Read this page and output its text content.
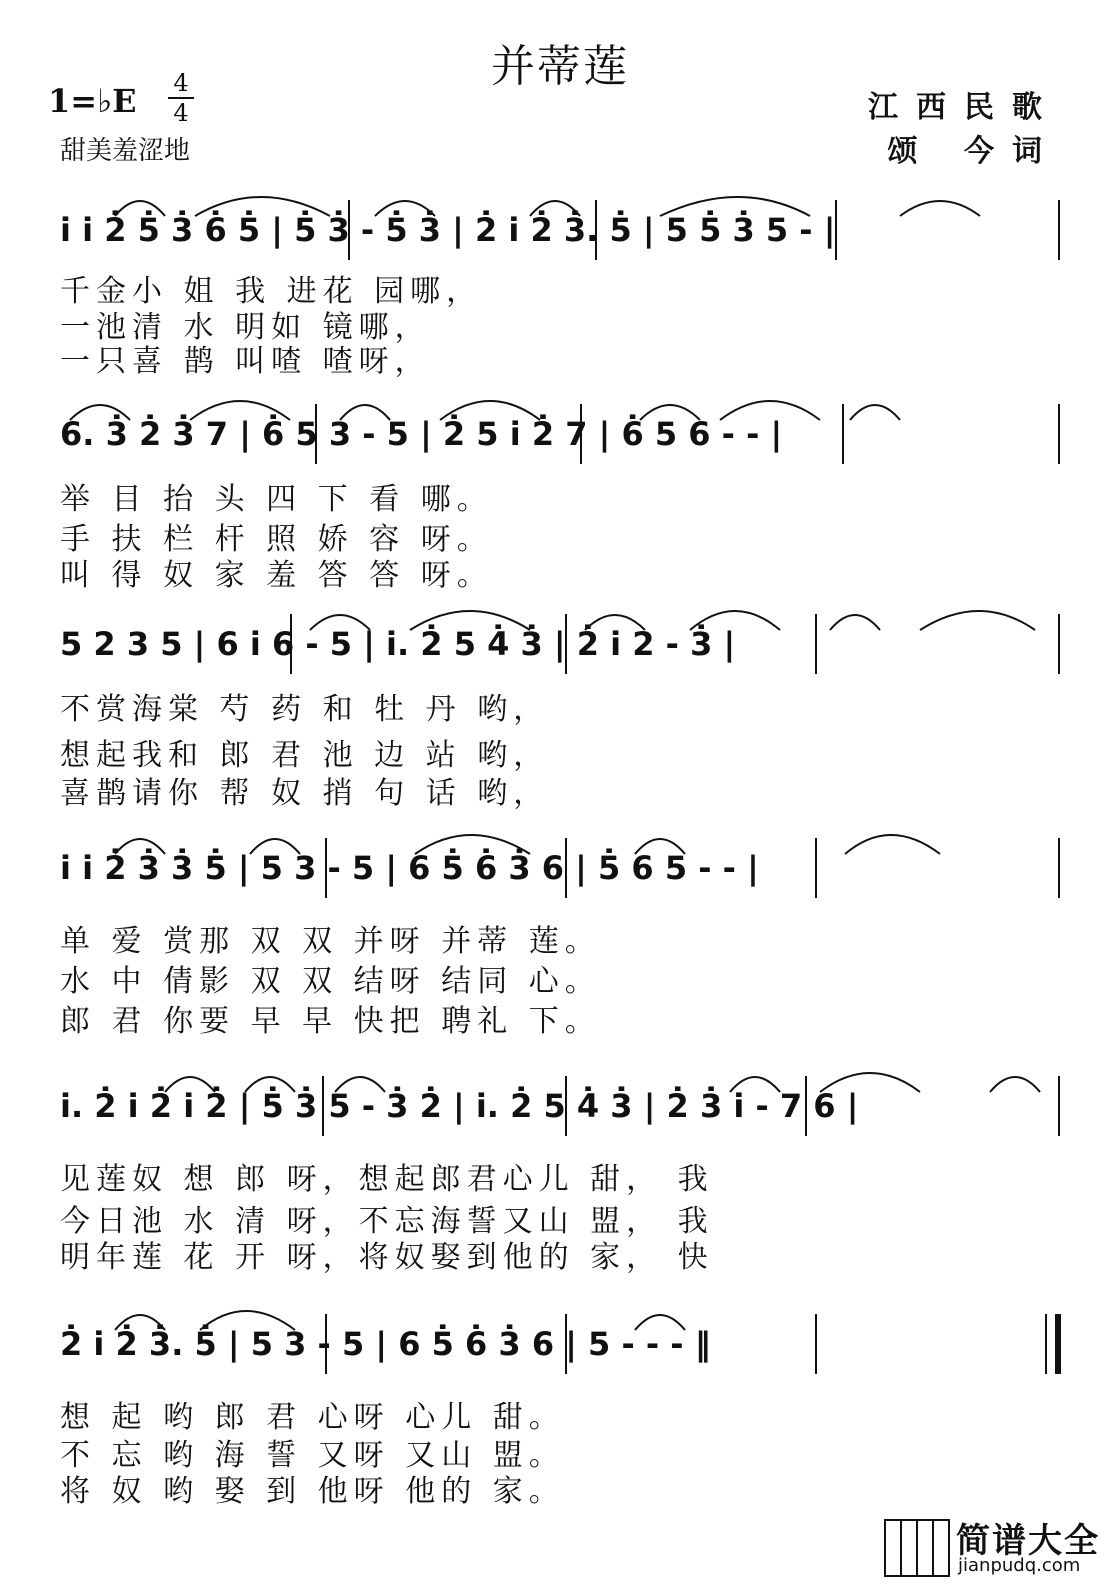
并蒂莲
1=♭E 4
4
甜美羞涩地
江西民歌
颂 今词
i̇ i̇ 2̇ 5̇ 3̇ 6̇ 5̇ | 5̇ 3̇ - 5̇ 3̇ | 2̇ i̇ 2̇ 3̇. 5̇ | 5 5̇ 3̇ 5 - |
千金小 姐 我 进花 园哪，
一池清 水 明如 镜哪，
一只喜 鹊 叫喳 喳呀，
6. 3̇ 2̇ 3̇ 7 | 6̇ 5 3 - 5 | 2̇ 5 i̇ 2̇ 7 | 6̇ 5 6 - - |
举 目 抬 头 四 下 看 哪。
手 扶 栏 杆 照 娇 容 呀。
叫 得 奴 家 羞 答 答 呀。
5 2 3 5 | 6 i̇ 6 - 5 | i̇. 2̇ 5 4̇ 3̇ | 2̇ i̇ 2 - 3̇ |
不赏海棠 芍 药 和 牡 丹 哟，
想起我和 郎 君 池 边 站 哟，
喜鹊请你 帮 奴 捎 句 话 哟，
i̇ i̇ 2̇ 3̇ 3̇ 5̇ | 5 3 - 5 | 6 5̇ 6̇ 3̇ 6 | 5̇ 6 5 - - |
单 爱 赏那 双 双 并呀 并蒂 莲。
水 中 倩影 双 双 结呀 结同 心。
郎 君 你要 早 早 快把 聘礼 下。
i̇. 2̇ i̇ 2̇ i̇ 2̇ | 5̇ 3̇ 5 - 3̇ 2̇ | i̇. 2̇ 5 4̇ 3̇ | 2̇ 3̇ i̇ - 7 6 |
见莲奴 想 郎 呀，想起郎君心儿 甜， 我
今日池 水 清 呀，不忘海誓又山 盟， 我
明年莲 花 开 呀，将奴娶到他的 家， 快
2̇ i̇ 2̇ 3̇. 5̇ | 5 3 - 5 | 6 5̇ 6̇ 3̇ 6 | 5 - - - ‖
想 起 哟 郎 君 心呀 心儿 甜。
不 忘 哟 海 誓 又呀 又山 盟。
将 奴 哟 娶 到 他呀 他的 家。
简谱大全
jianpudq.com
